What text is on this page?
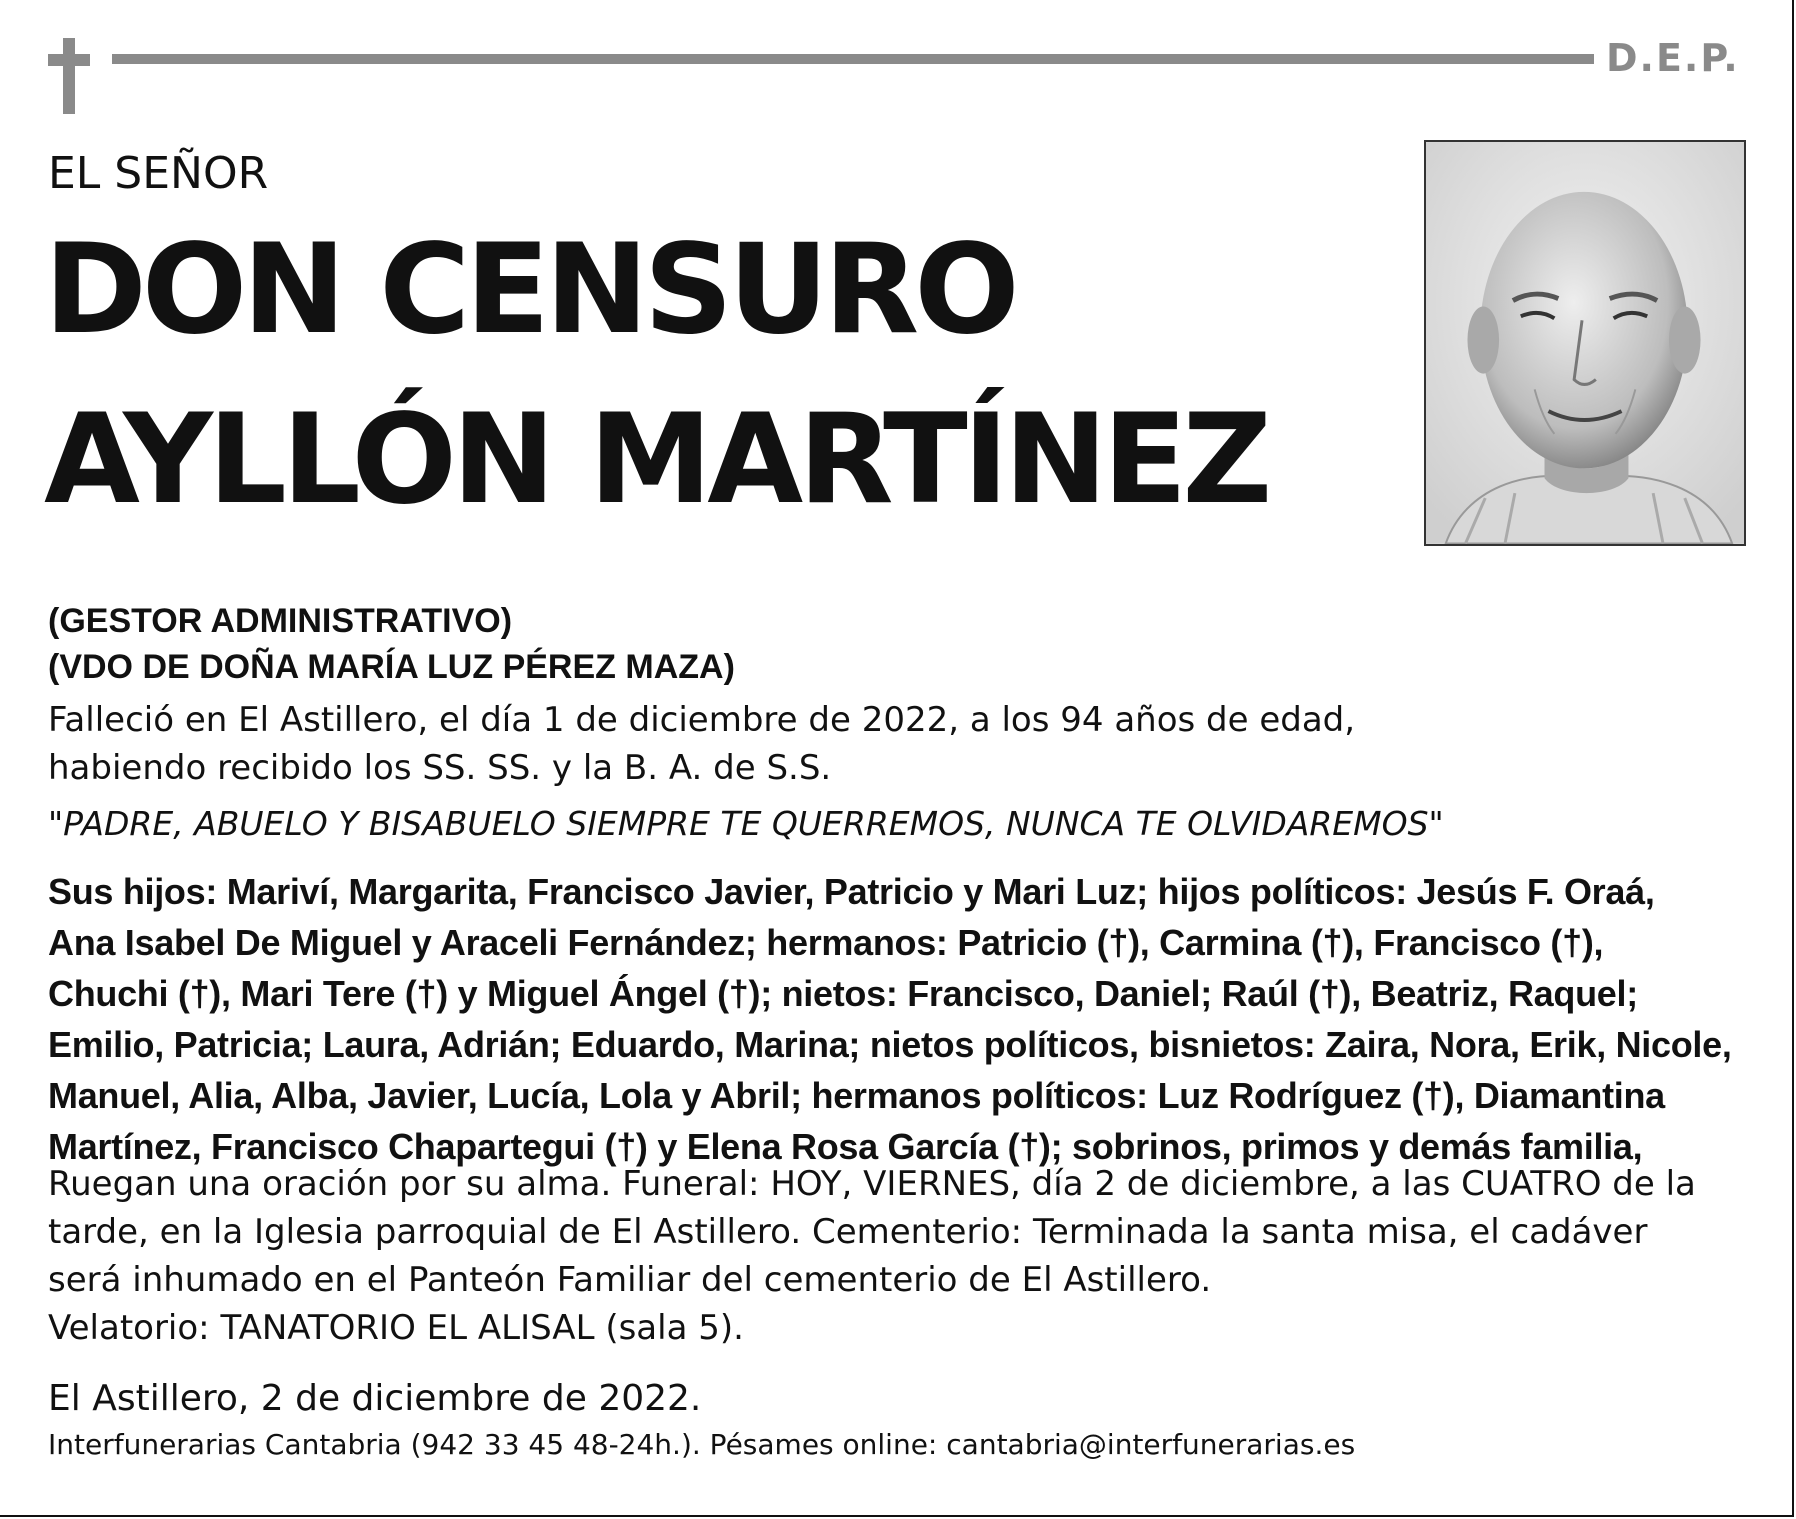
D.E.P.
EL SEÑOR
DON CENSURO
AYLLÓN MARTÍNEZ
(GESTOR ADMINISTRATIVO)
(VDO DE DOÑA MARÍA LUZ PÉREZ MAZA)
Falleció en El Astillero, el día 1 de diciembre de 2022, a los 94 años de edad,
habiendo recibido los SS. SS. y la B. A. de S.S.
"PADRE, ABUELO Y BISABUELO SIEMPRE TE QUERREMOS, NUNCA TE OLVIDAREMOS"
Sus hijos: Mariví, Margarita, Francisco Javier, Patricio y Mari Luz; hijos políticos: Jesús F. Oraá,
Ana Isabel De Miguel y Araceli Fernández; hermanos: Patricio (†), Carmina (†), Francisco (†),
Chuchi (†), Mari Tere (†) y Miguel Ángel (†); nietos: Francisco, Daniel; Raúl (†), Beatriz, Raquel;
Emilio, Patricia; Laura, Adrián; Eduardo, Marina; nietos políticos, bisnietos: Zaira, Nora, Erik, Nicole,
Manuel, Alia, Alba, Javier, Lucía, Lola y Abril; hermanos políticos: Luz Rodríguez (†), Diamantina
Martínez, Francisco Chapartegui (†) y Elena Rosa García (†); sobrinos, primos y demás familia,
Ruegan una oración por su alma. Funeral: HOY, VIERNES, día 2 de diciembre, a las CUATRO de la
tarde, en la Iglesia parroquial de El Astillero. Cementerio: Terminada la santa misa, el cadáver
será inhumado en el Panteón Familiar del cementerio de El Astillero.
Velatorio: TANATORIO EL ALISAL (sala 5).
El Astillero, 2 de diciembre de 2022.
Interfunerarias Cantabria (942 33 45 48-24h.). Pésames online: cantabria@interfunerarias.es
